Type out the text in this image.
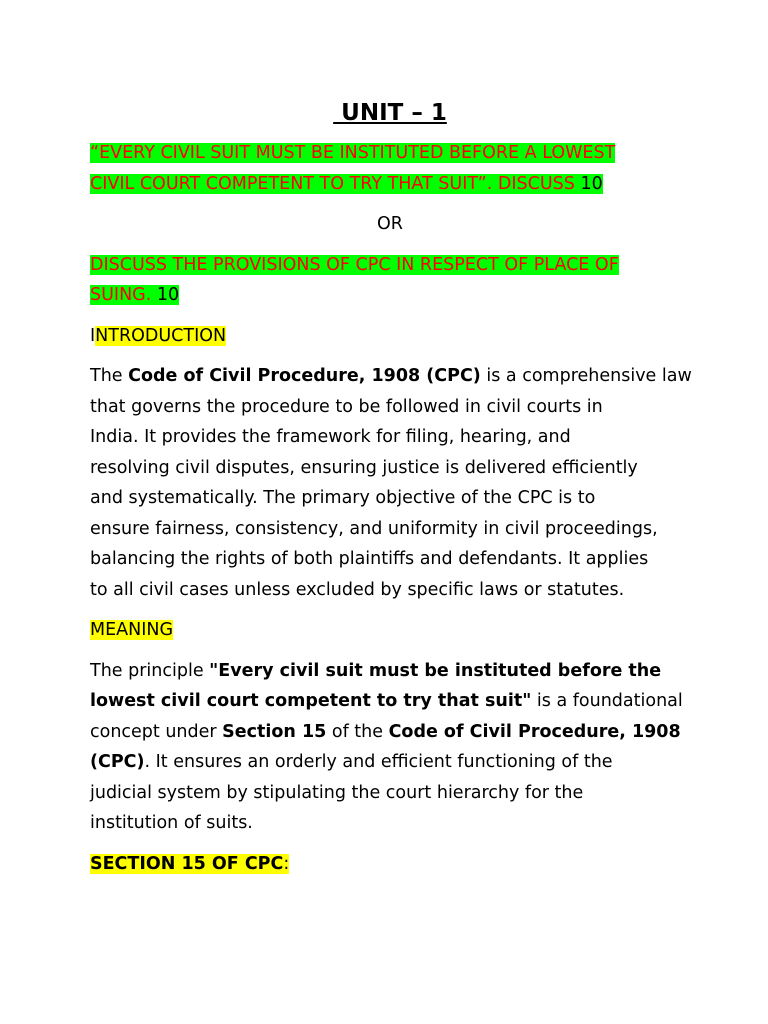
UNIT – 1
“EVERY CIVIL SUIT MUST BE INSTITUTED BEFORE A LOWEST
CIVIL COURT COMPETENT TO TRY THAT SUIT”. DISCUSS 10
OR
DISCUSS THE PROVISIONS OF CPC IN RESPECT OF PLACE OF
SUING. 10
INTRODUCTION
The Code of Civil Procedure, 1908 (CPC) is a comprehensive law
that governs the procedure to be followed in civil courts in
India. It provides the framework for filing, hearing, and
resolving civil disputes, ensuring justice is delivered efficiently
and systematically. The primary objective of the CPC is to
ensure fairness, consistency, and uniformity in civil proceedings,
balancing the rights of both plaintiffs and defendants. It applies
to all civil cases unless excluded by specific laws or statutes.
MEANING
The principle "Every civil suit must be instituted before the
lowest civil court competent to try that suit" is a foundational
concept under Section 15 of the Code of Civil Procedure, 1908
(CPC). It ensures an orderly and efficient functioning of the
judicial system by stipulating the court hierarchy for the
institution of suits.
SECTION 15 OF CPC:
